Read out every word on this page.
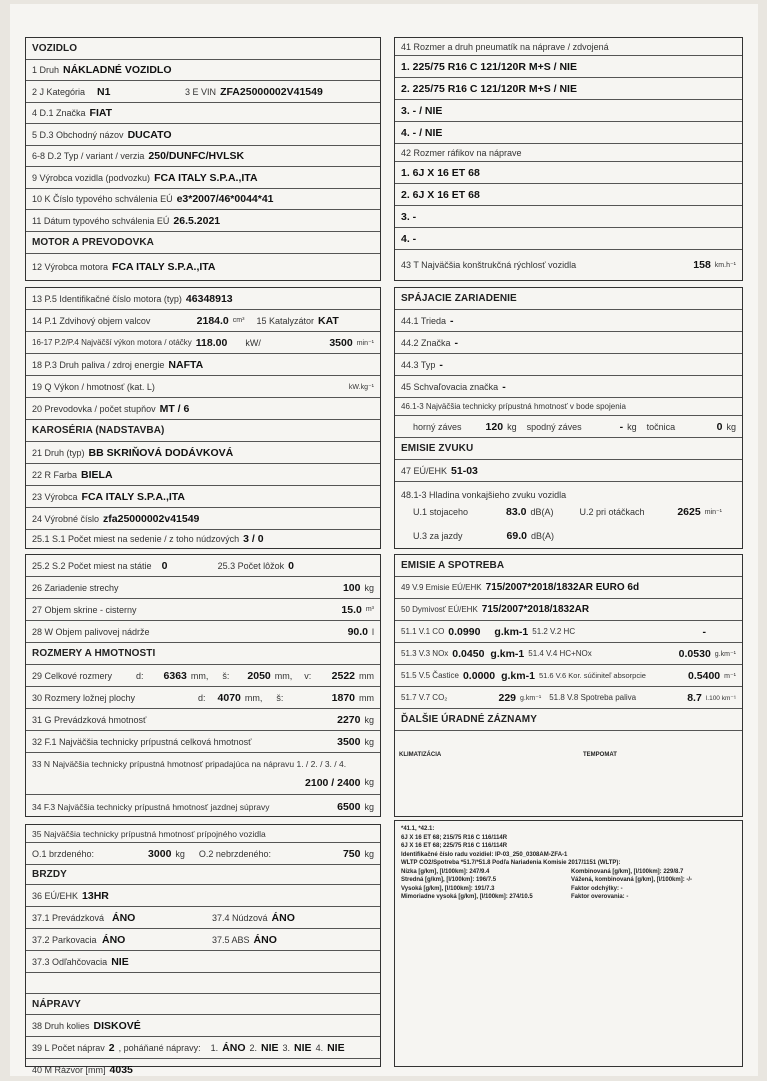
VOZIDLO
1 Druh NÁKLADNÉ VOZIDLO
2 J Kategória N1	3 E VIN ZFA25000002V41549
4 D.1 Značka FIAT
5 D.3 Obchodný názov DUCATO
6-8 D.2 Typ / variant / verzia 250/DUNFC/HVLSK
9 Výrobca vozidla (podvozku) FCA ITALY S.P.A.,ITA
10 K Číslo typového schválenia EÚ e3*2007/46*0044*41
11 Dátum typového schválenia EÚ 26.5.2021
MOTOR A PREVODOVKA
12 Výrobca motora FCA ITALY S.P.A.,ITA
41 Rozmer a druh pneumatík na nápravе / zdvojená
1. 225/75 R16 C 121/120R M+S / NIE
2. 225/75 R16 C 121/120R M+S / NIE
3. - / NIE
4. - / NIE
42 Rozmer ráfikov na nápravе
1. 6J X 16 ET 68
2. 6J X 16 ET 68
3. -
4. -
43 T Najväčšia konštrukčná rýchlosť vozidla	158 km.h⁻¹
13 P.5 Identifikačné číslo motora (typ) 46348913
14 P.1 Zdvihový objem valcov	2184.0 cm³ 15 Katalyzátor KAT
16-17 P.2/P.4 Najväčší výkon motora / otáčky 118.00 kW/	3500 min⁻¹
18 P.3 Druh paliva / zdroj energie NAFTA
19 Q Výkon / hmotnosť (kat. L)	kW.kg⁻¹
20 Prevodovka / počet stupňov MT / 6
KAROSÉRIA (NADSTAVBA)
21 Druh (typ) BB SKRIŇOVÁ DODÁVKOVÁ
22 R Farba BIELA
23 Výrobca FCA ITALY S.P.A.,ITA
24 Výrobné číslo zfa25000002v41549
25.1 S.1 Počet miest na sedenie / z toho núdzových 3 / 0
SPÁJACIE ZARIADENIE
44.1 Trieda -
44.2 Značka -
44.3 Typ -
45 Schvaľovacia značka -
46.1-3 Najväčšia technicky prípustná hmotnosť v bode spojenia
horný záves 120 kg spodný záves	- kg točnica	0 kg
EMISIE ZVUKU
47 EÚ/EHK 51-03
48.1-3 Hladina vonkajšieho zvuku vozidla
U.1 stojaceho	83.0 dB(A)	U.2 pri otáčkach	2625 min⁻¹
U.3 za jazdy	69.0 dB(A)
25.2 S.2 Počet miest na státie 0	25.3 Počet lôžok 0
26 Zariadenie strechy	100 kg
27 Objem skrine - cisterny	15.0 m³
28 W Objem palivovej nádrže	90.0 l
ROZMERY A HMOTNOSTI
29 Celkové rozmery	d: 6363 mm, š: 2050 mm, v: 2522 mm
30 Rozmery ložnej plochy	d: 4070 mm, š:	1870 mm
31 G Prevádzková hmotnosť	2270 kg
32 F.1 Najväčšia technicky prípustná celková hmotnosť	3500 kg
33 N Najväčšia technicky prípustná hmotnosť pripadajúca na nápravu 1. / 2. / 3. / 4.
2100 / 2400 kg
34 F.3 Najväčšia technicky prípustná hmotnosť jazdnej súpravy	6500 kg
EMISIE A SPOTREBA
49 V.9 Emisie EÚ/EHK 715/2007*2018/1832AR EURO 6d
50 Dymivosť EÚ/EHK 715/2007*2018/1832AR
51.1 V.1 CO 0.0990 g.km-1 51.2 V.2 HC	-
51.3 V.3 NOx 0.0450 g.km-1 51.4 V.4 HC+NOx	0.0530 g.km⁻¹
51.5 V.5 Častice 0.0000 g.km-1 51.6 V.6 Kor. súčiniteľ absorpcie	0.5400 m⁻¹
51.7 V.7 CO₂	229 g.km⁻¹ 51.8 V.8 Spotreba paliva	8.7 l.100 km⁻¹
ĎALŠIE ÚRADNÉ ZÁZNAMY
KLIMATIZÁCIA	TEMPOMAT
35 Najväčšia technicky prípustná hmotnosť prípojného vozidla
O.1 brzdeného:	3000 kg O.2 nebrzdeného:	750 kg
BRZDY
36 EÚ/EHK 13HR
37.1 Prevádzková ÁNO	37.4 Núdzová ÁNO
37.2 Parkovacia ÁNO	37.5 ABS ÁNO
37.3 Odľahčovacia NIE
NÁPRAVY
38 Druh kolies DISKOVÉ
39 L Počet náprav 2 , poháňané nápravy: 1. ÁNO 2. NIE 3. NIE 4. NIE
40 M Rázvor [mm] 4035
*41.1, *42.1:
6J X 16 ET 68; 215/75 R16 C 116/114R
6J X 16 ET 68; 225/75 R16 C 116/114R
Identifikačné číslo radu vozidiel: IP-03_250_0308AM-ZFA-1
WLTP CO2/Spotreba *51.7/*51.8 Podľa Nariadenia Komisie 2017/1151 (WLTP):
Nízka [g/km], [l/100km]: 247/9.4	Kombinovaná [g/km], [l/100km]: 229/8.7
Stredná [g/km], [l/100km]: 196/7.5	Vážená, kombinovaná [g/km], [l/100km]: -/-
Vysoká [g/km], [l/100km]: 191/7.3	Faktor odchýlky: -
Mimoriadne vysoká [g/km], [l/100km]: 274/10.5	Faktor overovania: -
